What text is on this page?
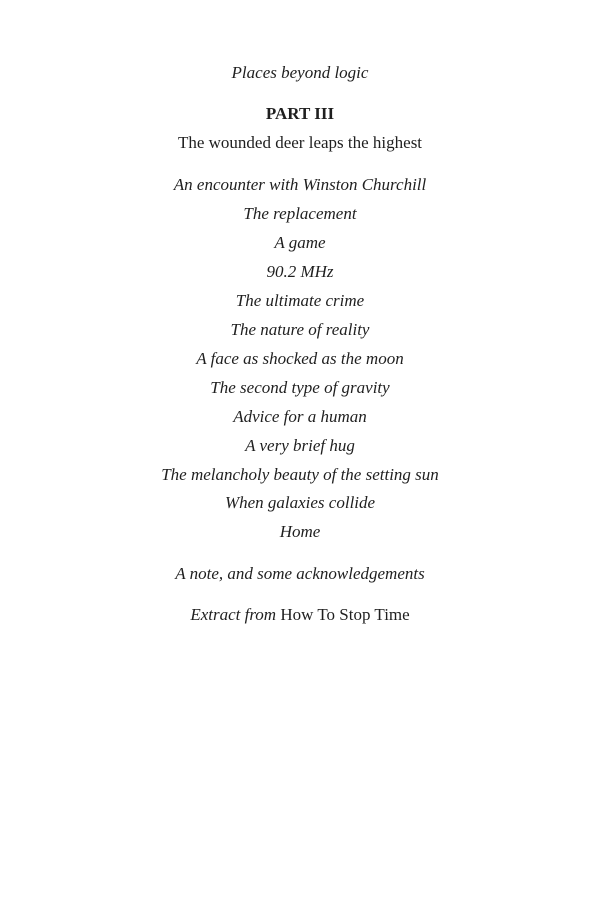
Places beyond logic
PART III
The wounded deer leaps the highest
An encounter with Winston Churchill
The replacement
A game
90.2 MHz
The ultimate crime
The nature of reality
A face as shocked as the moon
The second type of gravity
Advice for a human
A very brief hug
The melancholy beauty of the setting sun
When galaxies collide
Home
A note, and some acknowledgements
Extract from How To Stop Time
